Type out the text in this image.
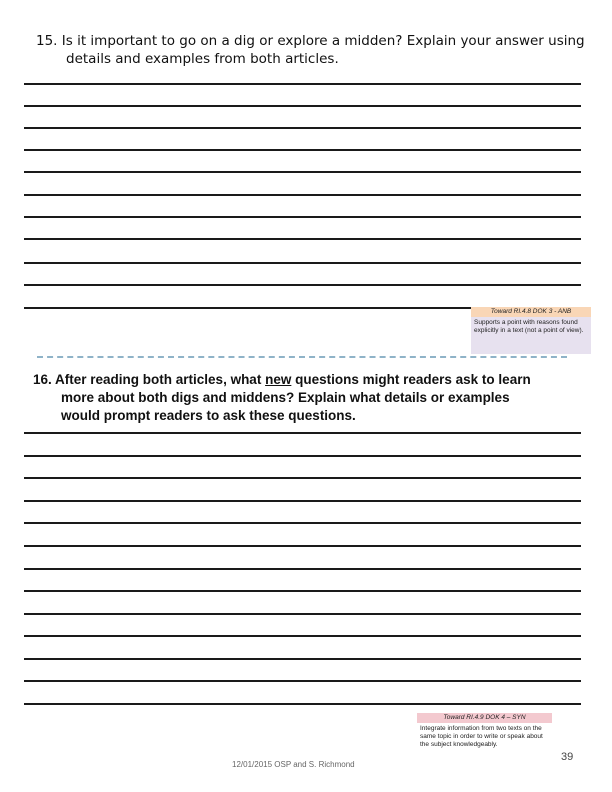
15. Is it important to go on a dig or explore a midden? Explain your answer using
details and examples from both articles.
Toward RI.4.8 DOK 3 - ANB
Supports a point with reasons found explicitly in a text (not a point of view).
16. After reading both articles, what new questions might readers ask to learn
more about both digs and middens? Explain what details or examples
would prompt readers to ask these questions.
Toward RI.4.9 DOK 4 – SYN
Integrate information from two texts on the same topic in order to write or speak about the subject knowledgeably.
12/01/2015 OSP and S. Richmond
39
